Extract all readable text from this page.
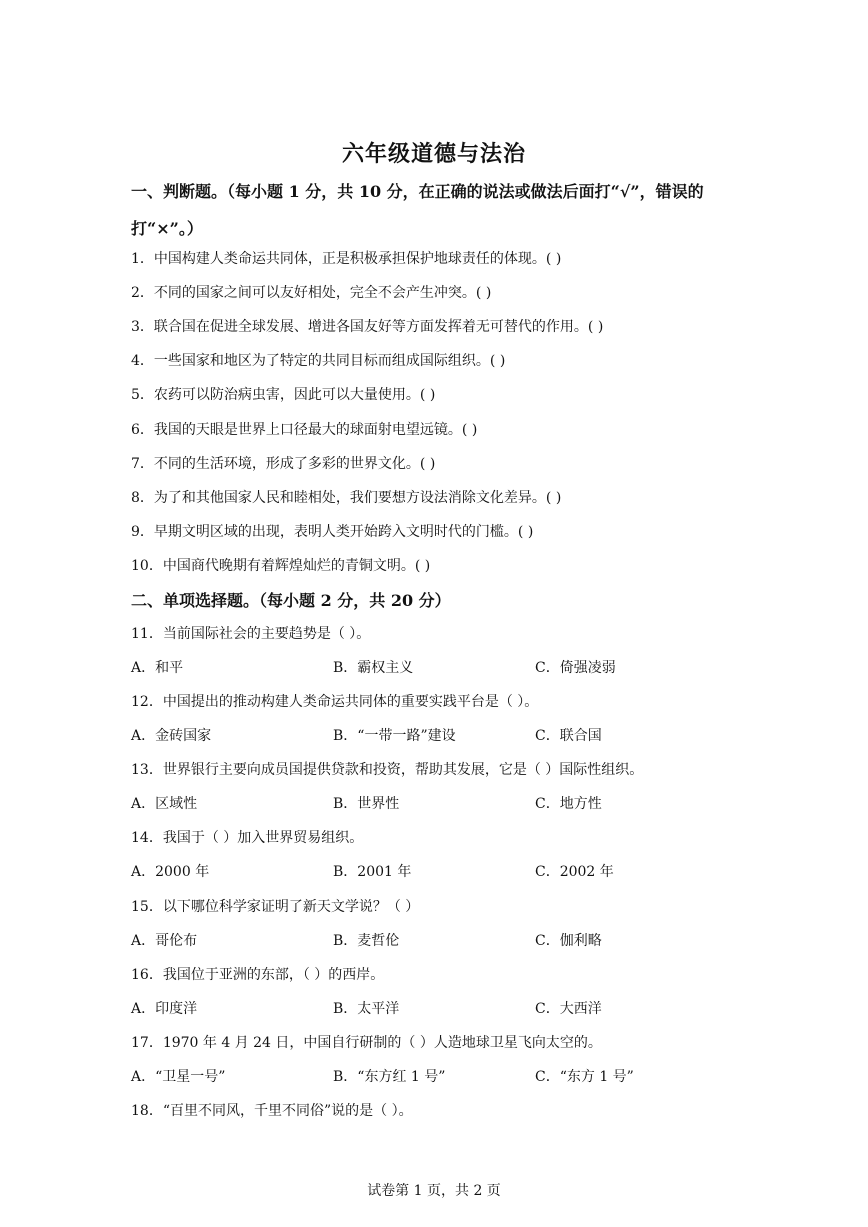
六年级道德与法治
一、判断题。（每小题 1 分，共 10 分，在正确的说法或做法后面打“√”，错误的
打“×”。）
1．中国构建人类命运共同体，正是积极承担保护地球责任的体现。( )
2．不同的国家之间可以友好相处，完全不会产生冲突。( )
3．联合国在促进全球发展、增进各国友好等方面发挥着无可替代的作用。( )
4．一些国家和地区为了特定的共同目标而组成国际组织。( )
5．农药可以防治病虫害，因此可以大量使用。( )
6．我国的天眼是世界上口径最大的球面射电望远镜。( )
7．不同的生活环境，形成了多彩的世界文化。( )
8．为了和其他国家人民和睦相处，我们要想方设法消除文化差异。( )
9．早期文明区域的出现，表明人类开始跨入文明时代的门槛。( )
10．中国商代晚期有着辉煌灿烂的青铜文明。( )
二、单项选择题。（每小题 2 分，共 20 分）
11．当前国际社会的主要趋势是（ ）。
A．和平	B．霸权主义	C．倚强凌弱
12．中国提出的推动构建人类命运共同体的重要实践平台是（ ）。
A．金砖国家	B．“一带一路”建设	C．联合国
13．世界银行主要向成员国提供贷款和投资，帮助其发展，它是（ ）国际性组织。
A．区域性	B．世界性	C．地方性
14．我国于（ ）加入世界贸易组织。
A．2000 年	B．2001 年	C．2002 年
15．以下哪位科学家证明了新天文学说？（ ）
A．哥伦布	B．麦哲伦	C．伽利略
16．我国位于亚洲的东部，（ ）的西岸。
A．印度洋	B．太平洋	C．大西洋
17．1970 年 4 月 24 日，中国自行研制的（ ）人造地球卫星飞向太空的。
A．“卫星一号”	B．“东方红 1 号”	C．“东方 1 号”
18．“百里不同风，千里不同俗”说的是（ ）。
试卷第 1 页，共 2 页
